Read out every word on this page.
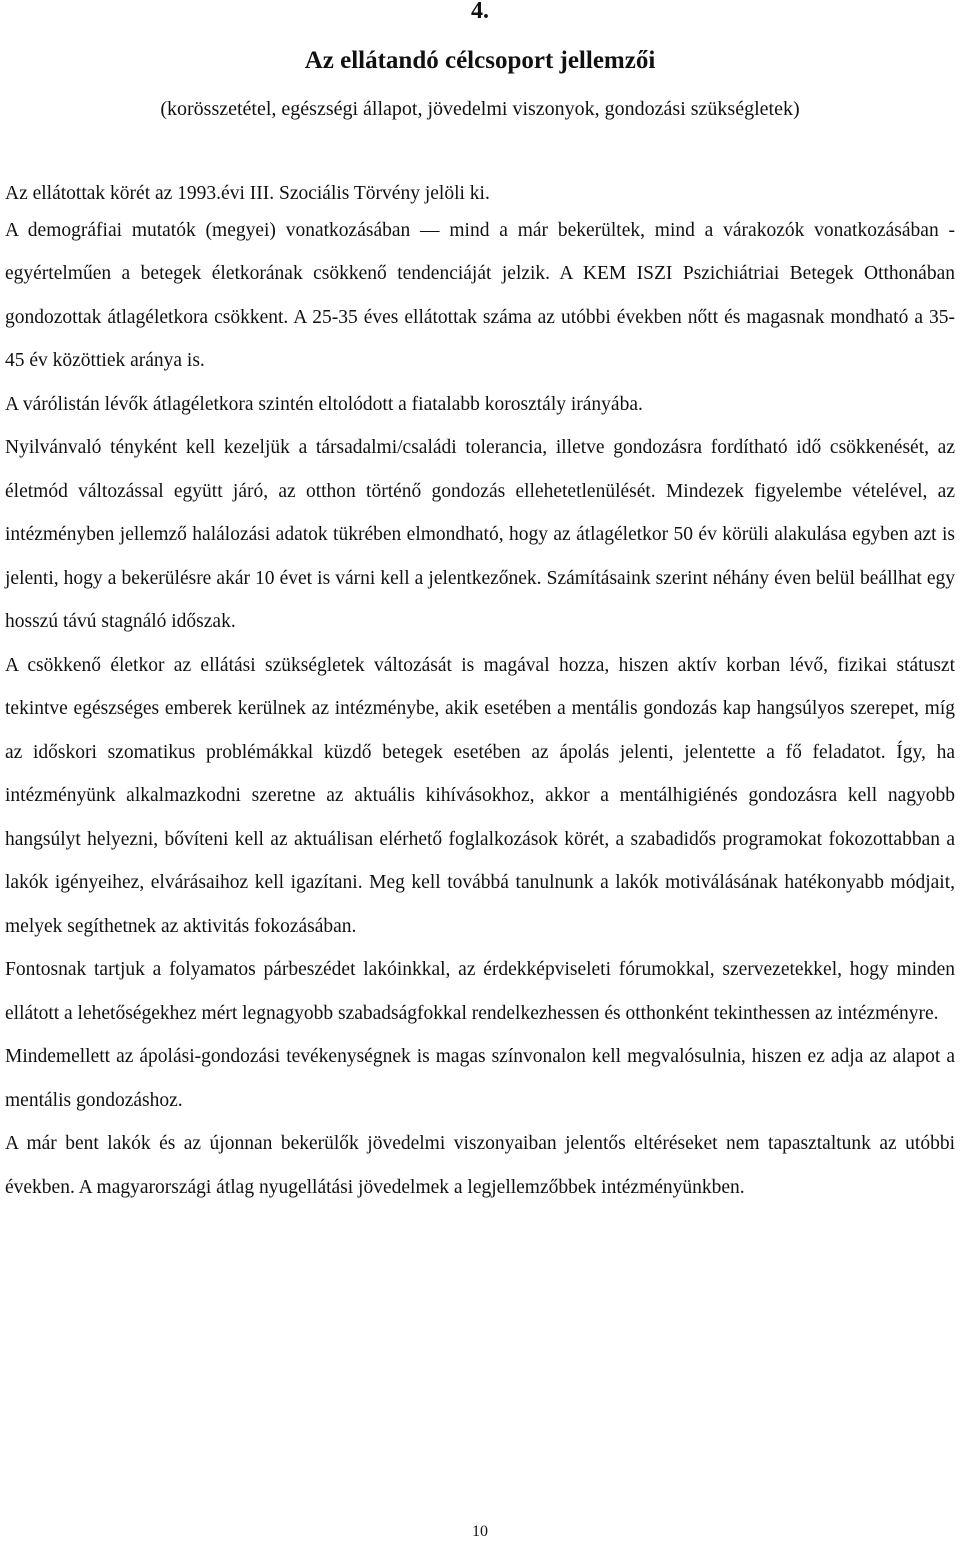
4.
Az ellátandó célcsoport jellemzői
(korösszetétel, egészségi állapot, jövedelmi viszonyok, gondozási szükségletek)

Az ellátottak körét az 1993.évi III. Szociális Törvény jelöli ki.

A demográfiai mutatók (megyei) vonatkozásában ― mind a már bekerültek, mind a várakozók vonatkozásában - egyértelműen a betegek életkorának csökkenő tendenciáját jelzik. A KEM ISZI Pszichiátriai Betegek Otthonában gondozottak átlagéletkora csökkent. A 25-35 éves ellátottak száma az utóbbi években nőtt és magasnak mondható a 35-45 év közöttiek aránya is.

A várólistán lévők átlagéletkora szintén eltolódott a fiatalabb korosztály irányába.

Nyilvánvaló tényként kell kezeljük a társadalmi/családi tolerancia, illetve gondozásra fordítható idő csökkenését, az életmód változással együtt járó, az otthon történő gondozás ellehetetlenülését. Mindezek figyelembe vételével, az intézményben jellemző halálozási adatok tükrében elmondható, hogy az átlagéletkor 50 év körüli alakulása egyben azt is jelenti, hogy a bekerülésre akár 10 évet is várni kell a jelentkezőnek. Számításaink szerint néhány éven belül beállhat egy hosszú távú stagnáló időszak.

A csökkenő életkor az ellátási szükségletek változását is magával hozza, hiszen aktív korban lévő, fizikai státuszt tekintve egészséges emberek kerülnek az intézménybe, akik esetében a mentális gondozás kap hangsúlyos szerepet, míg az időskori szomatikus problémákkal küzdő betegek esetében az ápolás jelenti, jelentette a fő feladatot. Így, ha intézményünk alkalmazkodni szeretne az aktuális kihívásokhoz, akkor a mentálhigiénés gondozásra kell nagyobb hangsúlyt helyezni, bővíteni kell az aktuálisan elérhető foglalkozások körét, a szabadidős programokat fokozottabban a lakók igényeihez, elvárásaihoz kell igazítani. Meg kell továbbá tanulnunk a lakók motiválásának hatékonyabb módjait, melyek segíthetnek az aktivitás fokozásában.

Fontosnak tartjuk a folyamatos párbeszédet lakóinkkal, az érdekképviseleti fórumokkal, szervezetekkel, hogy minden ellátott a lehetőségekhez mért legnagyobb szabadságfokkal rendelkezhessen és otthonként tekinthessen az intézményre.

Mindemellett az ápolási-gondozási tevékenységnek is magas színvonalon kell megvalósulnia, hiszen ez adja az alapot a mentális gondozáshoz.

A már bent lakók és az újonnan bekerülők jövedelmi viszonyaiban jelentős eltéréseket nem tapasztaltunk az utóbbi években. A magyarországi átlag nyugellátási jövedelmek a legjellemzőbbek intézményünkben.

10
